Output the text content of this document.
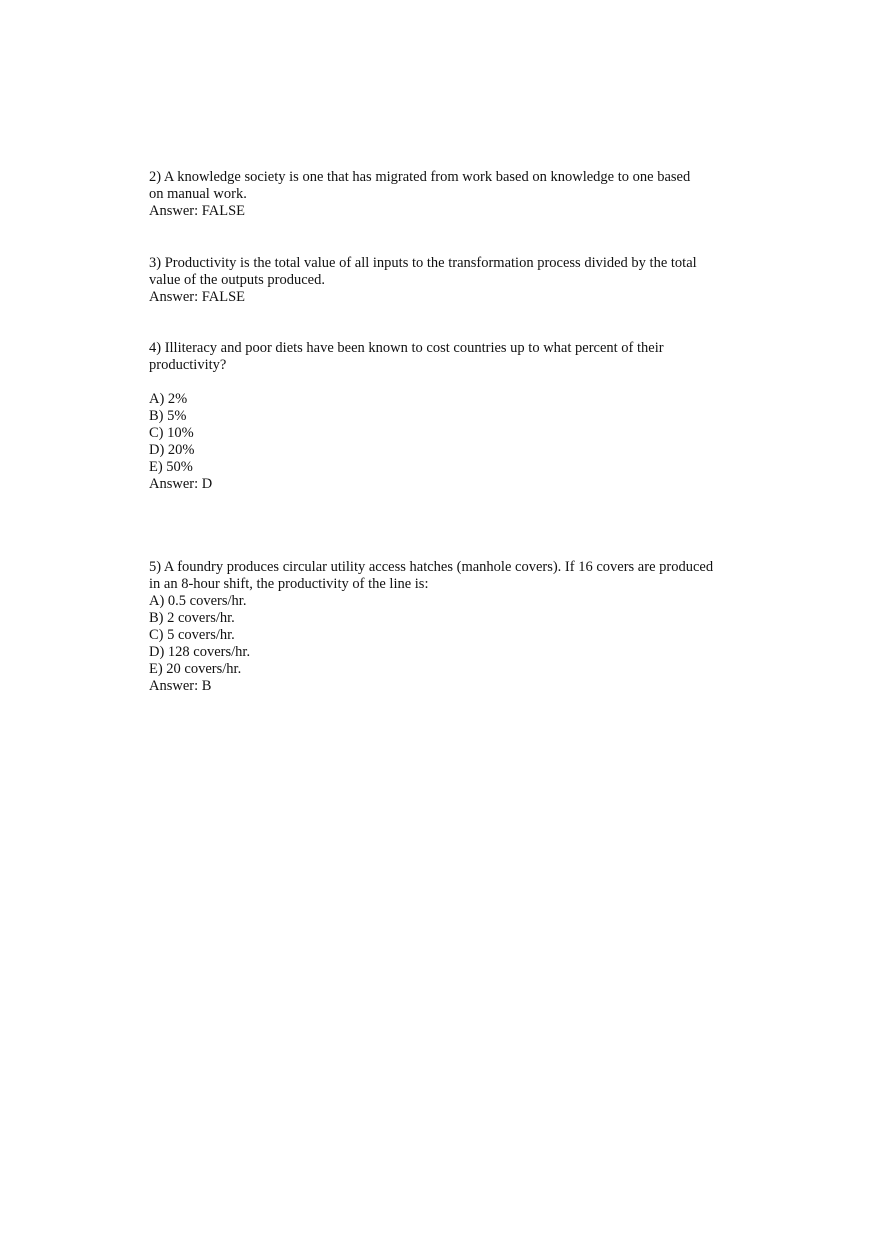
2) A knowledge society is one that has migrated from work based on knowledge to one based
on manual work.
Answer: FALSE
3) Productivity is the total value of all inputs to the transformation process divided by the total
value of the outputs produced.
Answer: FALSE
4) Illiteracy and poor diets have been known to cost countries up to what percent of their
productivity?
A) 2%
B) 5%
C) 10%
D) 20%
E) 50%
Answer: D
5) A foundry produces circular utility access hatches (manhole covers). If 16 covers are produced
in an 8-hour shift, the productivity of the line is:
A) 0.5 covers/hr.
B) 2 covers/hr.
C) 5 covers/hr.
D) 128 covers/hr.
E) 20 covers/hr.
Answer: B
